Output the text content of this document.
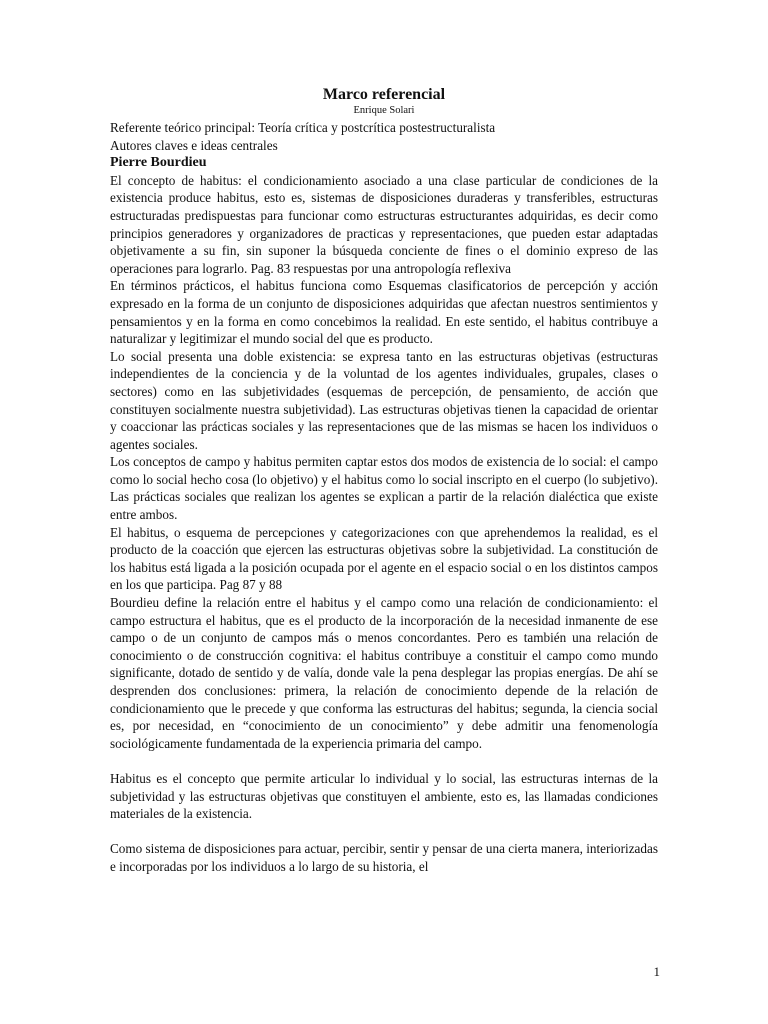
Marco referencial

Enrique Solari

Referente teórico principal: Teoría crítica y postcrítica postestructuralista

Autores claves e ideas centrales

Pierre Bourdieu

El concepto de habitus: el condicionamiento asociado a una clase particular de condiciones de la existencia produce habitus, esto es, sistemas de disposiciones duraderas y transferibles, estructuras estructuradas predispuestas para funcionar como estructuras estructurantes adquiridas, es decir como principios generadores y organizadores de practicas y representaciones, que pueden estar adaptadas objetivamente a su fin, sin suponer la búsqueda conciente de fines o el dominio expreso de las operaciones para lograrlo. Pag. 83 respuestas por una antropología reflexiva

En términos prácticos, el habitus funciona como Esquemas clasificatorios de percepción y acción expresado en la forma de un conjunto de disposiciones adquiridas que afectan nuestros sentimientos y pensamientos y en la forma en como concebimos la realidad. En este sentido, el habitus contribuye a naturalizar y legitimizar el mundo social del que es producto.

Lo social presenta una doble existencia: se expresa tanto en las estructuras objetivas (estructuras independientes de la conciencia y de la voluntad de los agentes individuales, grupales, clases o sectores) como en las subjetividades (esquemas de percepción, de pensamiento, de acción que constituyen socialmente nuestra subjetividad). Las estructuras objetivas tienen la capacidad de orientar y coaccionar las prácticas sociales y las representaciones que de las mismas se hacen los individuos o agentes sociales.

Los conceptos de campo y habitus permiten captar estos dos modos de existencia de lo social: el campo como lo social hecho cosa (lo objetivo) y el habitus como lo social inscripto en el cuerpo (lo subjetivo). Las prácticas sociales que realizan los agentes se explican a partir de la relación dialéctica que existe entre ambos.

El habitus, o esquema de percepciones y categorizaciones con que aprehendemos la realidad, es el producto de la coacción que ejercen las estructuras objetivas sobre la subjetividad. La constitución de los habitus está ligada a la posición ocupada por el agente en el espacio social o en los distintos campos en los que participa. Pag 87 y 88

Bourdieu define la relación entre el habitus y el campo como una relación de condicionamiento: el campo estructura el habitus, que es el producto de la incorporación de la necesidad inmanente de ese campo o de un conjunto de campos más o menos concordantes. Pero es también una relación de conocimiento o de construcción cognitiva: el habitus contribuye a constituir el campo como mundo significante, dotado de sentido y de valía, donde vale la pena desplegar las propias energías. De ahí se desprenden dos conclusiones: primera, la relación de conocimiento depende de la relación de condicionamiento que le precede y que conforma las estructuras del habitus; segunda, la ciencia social es, por necesidad, en “conocimiento de un conocimiento” y debe admitir una fenomenología sociológicamente fundamentada de la experiencia primaria del campo.

Habitus es el concepto que permite articular lo individual y lo social, las estructuras internas de la subjetividad y las estructuras objetivas que constituyen el ambiente, esto es, las llamadas condiciones materiales de la existencia.

Como sistema de disposiciones para actuar, percibir, sentir y pensar de una cierta manera, interiorizadas e incorporadas por los individuos a lo largo de su historia, el

1
